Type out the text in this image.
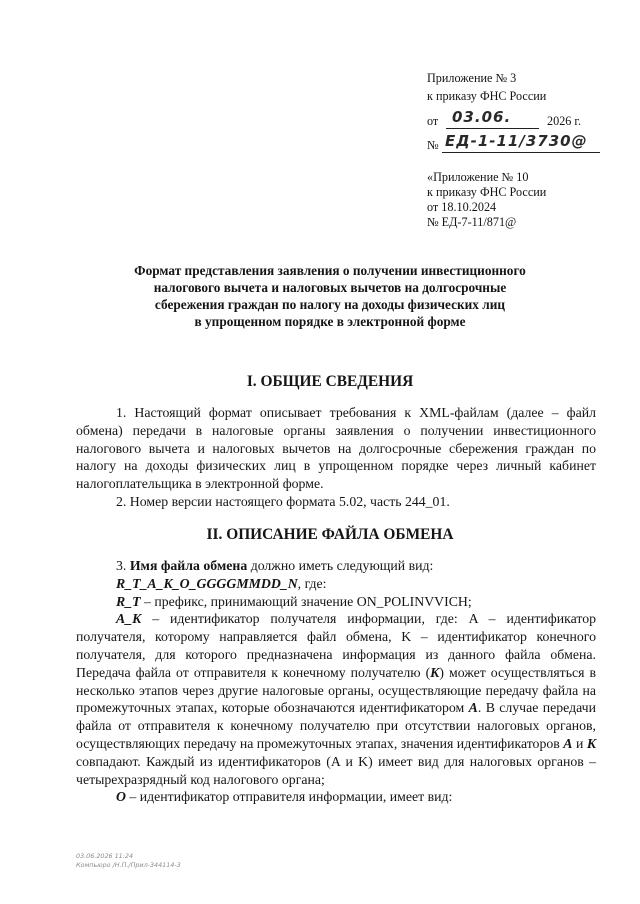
Приложение № 3
к приказу ФНС России
от 03.06.	2026 г.
№ ЕД-1-11/3730@
«Приложение № 10
к приказу ФНС России
от 18.10.2024
№ ЕД-7-11/871@
Формат представления заявления о получении инвестиционного
налогового вычета и налоговых вычетов на долгосрочные
сбережения граждан по налогу на доходы физических лиц
в упрощенном порядке в электронной форме
I. ОБЩИЕ СВЕДЕНИЯ

1. Настоящий формат описывает требования к XML-файлам (далее – файл обмена) передачи в налоговые органы заявления о получении инвестиционного налогового вычета и налоговых вычетов на долгосрочные сбережения граждан по налогу на доходы физических лиц в упрощенном порядке через личный кабинет налогоплательщика в электронной форме.

2. Номер версии настоящего формата 5.02, часть 244_01.

II. ОПИСАНИЕ ФАЙЛА ОБМЕНА

3. Имя файла обмена должно иметь следующий вид:

R_T_A_K_O_GGGGMMDD_N, где:

R_T – префикс, принимающий значение ON_POLINVVICH;

A_K – идентификатор получателя информации, где: A – идентификатор получателя, которому направляется файл обмена, K – идентификатор конечного получателя, для которого предназначена информация из данного файла обмена. Передача файла от отправителя к конечному получателю (K) может осуществляться в несколько этапов через другие налоговые органы, осуществляющие передачу файла на промежуточных этапах, которые обозначаются идентификатором A. В случае передачи файла от отправителя к конечному получателю при отсутствии налоговых органов, осуществляющих передачу на промежуточных этапах, значения идентификаторов A и K совпадают. Каждый из идентификаторов (A и K) имеет вид для налоговых органов – четырехразрядный код налогового органа;

O – идентификатор отправителя информации, имеет вид:

03.06.2026 11:24
Компьюро /Н.П./Прил-344114-3
